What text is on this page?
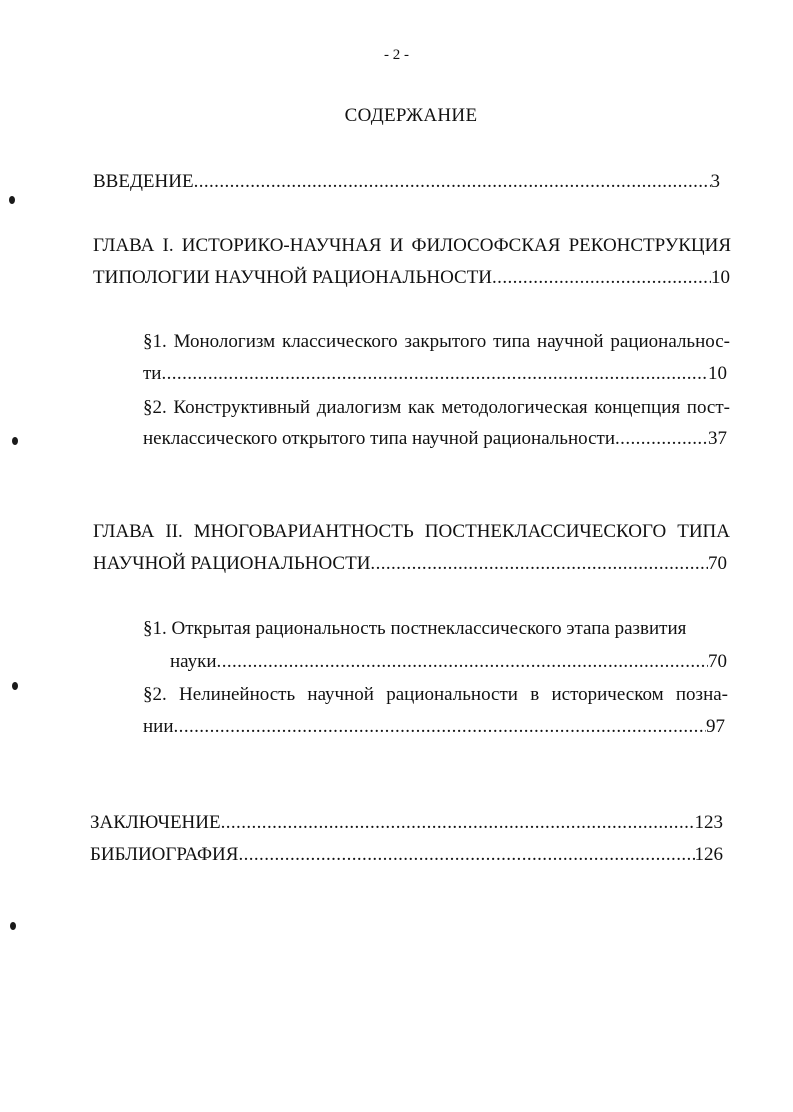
- 2 -
СОДЕРЖАНИЕ
ВВЕДЕНИЕ .....	3
ГЛАВА I. ИСТОРИКО-НАУЧНАЯ И ФИЛОСОФСКАЯ РЕКОНСТРУКЦИЯ
ТИПОЛОГИИ НАУЧНОЙ РАЦИОНАЛЬНОСТИ .....	10
§1. Монологизм классического закрытого типа научной рациональнос-
ти .....	10
§2. Конструктивный диалогизм как методологическая концепция пост-
неклассического открытого типа научной рациональности .....	37
ГЛАВА II. МНОГОВАРИАНТНОСТЬ ПОСТНЕКЛАССИЧЕСКОГО ТИПА
НАУЧНОЙ РАЦИОНАЛЬНОСТИ .....	70
§1. Открытая рациональность постнеклассического этапа развития
науки .....	70
§2. Нелинейность научной рациональности в историческом позна-
нии .....	97
ЗАКЛЮЧЕНИЕ .....	123
БИБЛИОГРАФИЯ .....	126
